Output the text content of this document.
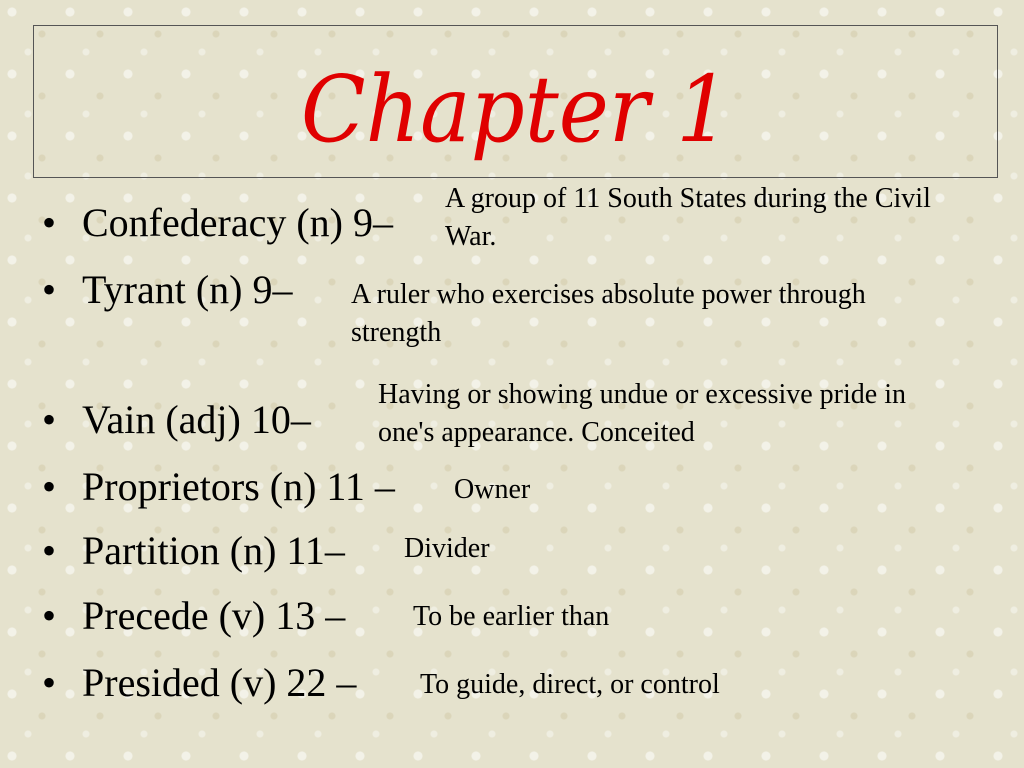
Chapter 1
• Confederacy (n) 9–
A group of 11 South States during the Civil War.
• Tyrant (n) 9– A ruler who exercises absolute power through strength
• Vain (adj) 10–
Having or showing undue or excessive pride in one's appearance. Conceited
• Proprietors (n) 11 – Owner
• Partition (n) 11– Divider
• Precede (v) 13 – To be earlier than
• Presided (v) 22 – To guide, direct, or control
